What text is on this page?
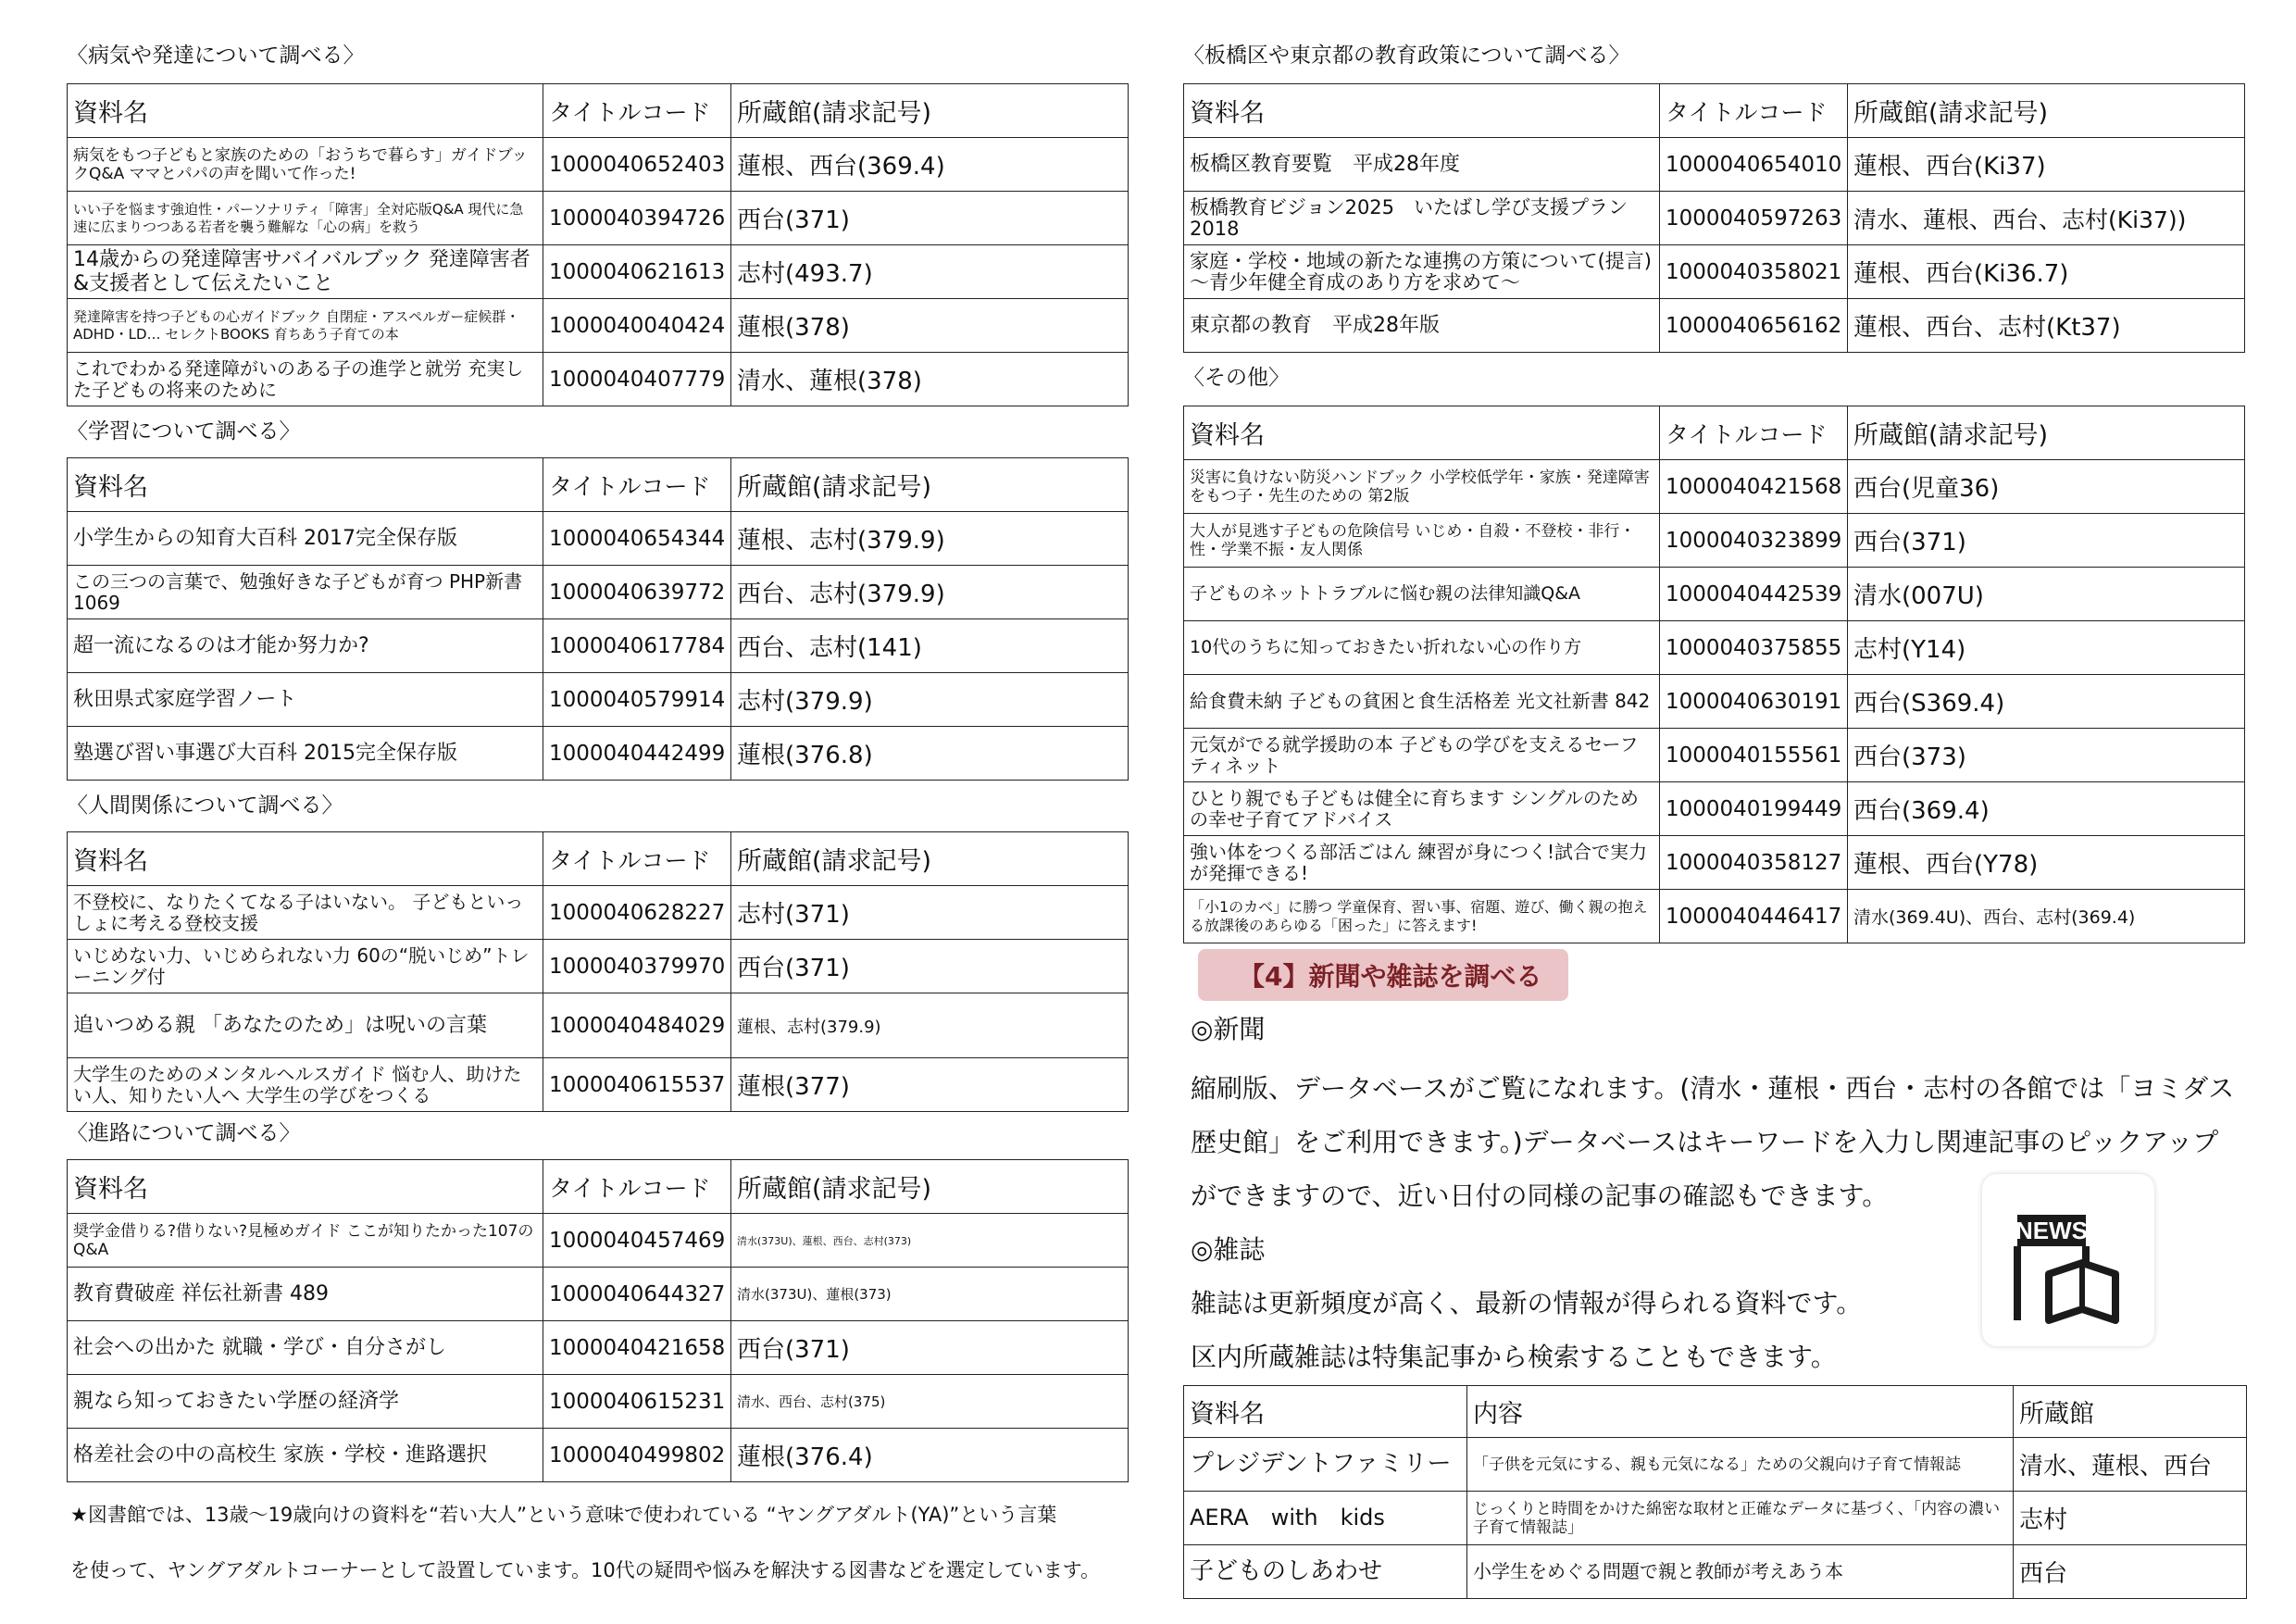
〈病気や発達について調べる〉
資料名	タイトルコード	所蔵館(請求記号)
病気をもつ子どもと家族のための「おうちで暮らす」ガイドブックQ&A ママとパパの声を聞いて作った!	1000040652403	蓮根、西台(369.4)
いい子を悩ます強迫性・パーソナリティ「障害」全対応版Q&A 現代に急速に広まりつつある若者を襲う難解な「心の病」を救う	1000040394726	西台(371)
14歳からの発達障害サバイバルブック 発達障害者&支援者として伝えたいこと	1000040621613	志村(493.7)
発達障害を持つ子どもの心ガイドブック 自閉症・アスペルガー症候群・ADHD・LD… セレクトBOOKS 育ちあう子育ての本	1000040040424	蓮根(378)
これでわかる発達障がいのある子の進学と就労 充実した子どもの将来のために	1000040407779	清水、蓮根(378)
〈学習について調べる〉
資料名	タイトルコード	所蔵館(請求記号)
小学生からの知育大百科 2017完全保存版	1000040654344	蓮根、志村(379.9)
この三つの言葉で、勉強好きな子どもが育つ PHP新書 1069	1000040639772	西台、志村(379.9)
超一流になるのは才能か努力か?	1000040617784	西台、志村(141)
秋田県式家庭学習ノート	1000040579914	志村(379.9)
塾選び習い事選び大百科 2015完全保存版	1000040442499	蓮根(376.8)
〈人間関係について調べる〉
資料名	タイトルコード	所蔵館(請求記号)
不登校に、なりたくてなる子はいない。 子どもといっしょに考える登校支援	1000040628227	志村(371)
いじめない力、いじめられない力 60の“脱いじめ”トレーニング付	1000040379970	西台(371)
追いつめる親 「あなたのため」は呪いの言葉	1000040484029	蓮根、志村(379.9)
大学生のためのメンタルヘルスガイド 悩む人、助けたい人、知りたい人へ 大学生の学びをつくる	1000040615537	蓮根(377)
〈進路について調べる〉
資料名	タイトルコード	所蔵館(請求記号)
奨学金借りる?借りない?見極めガイド ここが知りたかった107のQ&A	1000040457469	清水(373U)、蓮根、西台、志村(373)
教育費破産 祥伝社新書 489	1000040644327	清水(373U)、蓮根(373)
社会への出かた 就職・学び・自分さがし	1000040421658	西台(371)
親なら知っておきたい学歴の経済学	1000040615231	清水、西台、志村(375)
格差社会の中の高校生 家族・学校・進路選択	1000040499802	蓮根(376.4)
★図書館では、13歳～19歳向けの資料を“若い大人”という意味で使われている “ヤングアダルト(YA)”という言葉
を使って、ヤングアダルトコーナーとして設置しています。10代の疑問や悩みを解決する図書などを選定しています。
〈板橋区や東京都の教育政策について調べる〉
資料名	タイトルコード	所蔵館(請求記号)
板橋区教育要覧　平成28年度	1000040654010	蓮根、西台(Ki37)
板橋教育ビジョン2025　いたばし学び支援プラン2018	1000040597263	清水、蓮根、西台、志村(Ki37))
家庭・学校・地域の新たな連携の方策について(提言)～青少年健全育成のあり方を求めて～	1000040358021	蓮根、西台(Ki36.7)
東京都の教育　平成28年版	1000040656162	蓮根、西台、志村(Kt37)
〈その他〉
資料名	タイトルコード	所蔵館(請求記号)
災害に負けない防災ハンドブック 小学校低学年・家族・発達障害をもつ子・先生のための 第2版	1000040421568	西台(児童36)
大人が見逃す子どもの危険信号 いじめ・自殺・不登校・非行・性・学業不振・友人関係	1000040323899	西台(371)
子どものネットトラブルに悩む親の法律知識Q&A	1000040442539	清水(007U)
10代のうちに知っておきたい折れない心の作り方	1000040375855	志村(Y14)
給食費未納 子どもの貧困と食生活格差 光文社新書 842	1000040630191	西台(S369.4)
元気がでる就学援助の本 子どもの学びを支えるセーフティネット	1000040155561	西台(373)
ひとり親でも子どもは健全に育ちます シングルのための幸せ子育てアドバイス	1000040199449	西台(369.4)
強い体をつくる部活ごはん 練習が身につく!試合で実力が発揮できる!	1000040358127	蓮根、西台(Y78)
「小1のカベ」に勝つ 学童保育、習い事、宿題、遊び、働く親の抱える放課後のあらゆる「困った」に答えます!	1000040446417	清水(369.4U)、西台、志村(369.4)
【4】新聞や雑誌を調べる
◎新聞
縮刷版、データベースがご覧になれます。(清水・蓮根・西台・志村の各館では「ヨミダス
歴史館」をご利用できます。)データベースはキーワードを入力し関連記事のピックアップ
ができますので、近い日付の同様の記事の確認もできます。
◎雑誌
雑誌は更新頻度が高く、最新の情報が得られる資料です。
区内所蔵雑誌は特集記事から検索することもできます。
NEWS
資料名	内容	所蔵館
プレジデントファミリー	「子供を元気にする、親も元気になる」ための父親向け子育て情報誌	清水、蓮根、西台
AERA　with　kids	じっくりと時間をかけた綿密な取材と正確なデータに基づく、「内容の濃い子育て情報誌」	志村
子どものしあわせ	小学生をめぐる問題で親と教師が考えあう本	西台
